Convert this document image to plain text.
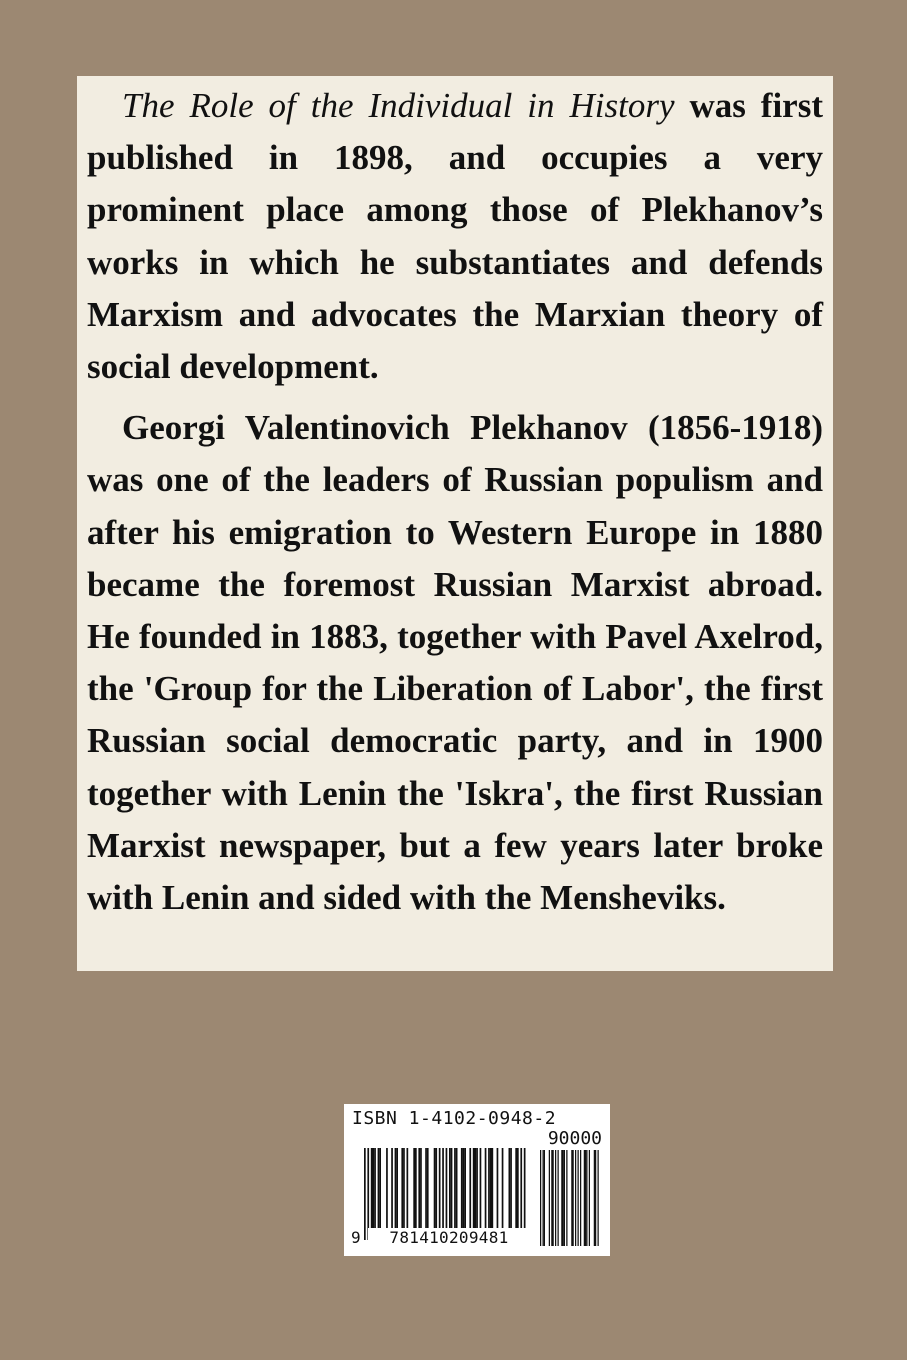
The Role of the Individual in History was first published in 1898, and occupies a very prominent place among those of Plekhanov’s works in which he substantiates and defends Marxism and advocates the Marxian theory of social development.

Georgi Valentinovich Plekhanov (1856-1918) was one of the leaders of Russian populism and after his emigration to Western Europe in 1880 became the foremost Russian Marxist abroad. He founded in 1883, together with Pavel Axelrod, the 'Group for the Liberation of Labor', the first Russian social democratic party, and in 1900 together with Lenin the 'Iskra', the first Russian Marxist newspaper, but a few years later broke with Lenin and sided with the Mensheviks.

ISBN 1-4102-0948-2
90000
9	781410209481
